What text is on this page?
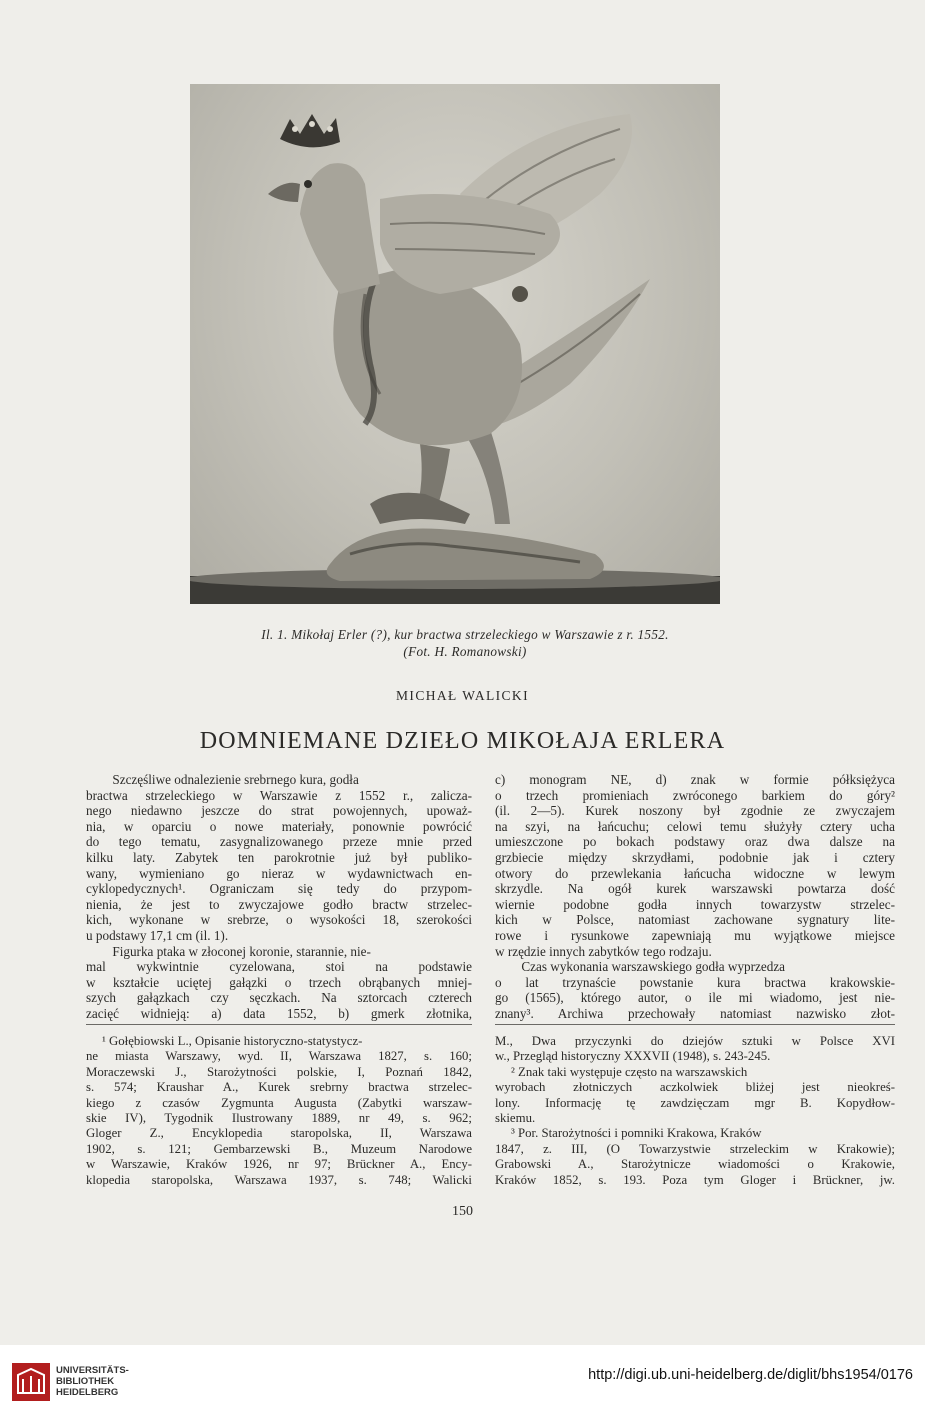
Il. 1. Mikołaj Erler (?), kur bractwa strzeleckiego w Warszawie z r. 1552.
(Fot. H. Romanowski)
MICHAŁ WALICKI
DOMNIEMANE DZIEŁO MIKOŁAJA ERLERA
Szczęśliwe odnalezienie srebrnego kura, godła
bractwa strzeleckiego w Warszawie z 1552 r., zalicza-
nego niedawno jeszcze do strat powojennych, upoważ-
nia, w oparciu o nowe materiały, ponownie powrócić
do tego tematu, zasygnalizowanego przeze mnie przed
kilku laty. Zabytek ten parokrotnie już był publiko-
wany, wymieniano go nieraz w wydawnictwach en-
cyklopedycznych¹. Ograniczam się tedy do przypom-
nienia, że jest to zwyczajowe godło bractw strzelec-
kich, wykonane w srebrze, o wysokości 18, szerokości
u podstawy 17,1 cm (il. 1).
Figurka ptaka w złoconej koronie, starannie, nie-
mal wykwintnie cyzelowana, stoi na podstawie
w kształcie uciętej gałązki o trzech obrąbanych mniej-
szych gałązkach czy sęczkach. Na sztorcach czterech
zacięć widnieją: a) data 1552, b) gmerk złotnika,
c) monogram NE, d) znak w formie półksiężyca
o trzech promieniach zwróconego barkiem do góry²
(il. 2—5). Kurek noszony był zgodnie ze zwyczajem
na szyi, na łańcuchu; celowi temu służyły cztery ucha
umieszczone po bokach podstawy oraz dwa dalsze na
grzbiecie między skrzydłami, podobnie jak i cztery
otwory do przewlekania łańcucha widoczne w lewym
skrzydle. Na ogół kurek warszawski powtarza dość
wiernie podobne godła innych towarzystw strzelec-
kich w Polsce, natomiast zachowane sygnatury lite-
rowe i rysunkowe zapewniają mu wyjątkowe miejsce
w rzędzie innych zabytków tego rodzaju.
Czas wykonania warszawskiego godła wyprzedza
o lat trzynaście powstanie kura bractwa krakowskie-
go (1565), którego autor, o ile mi wiadomo, jest nie-
znany³. Archiwa przechowały natomiast nazwisko złot-
¹ Gołębiowski L., Opisanie historyczno-statystycz-
ne miasta Warszawy, wyd. II, Warszawa 1827, s. 160;
Moraczewski J., Starożytności polskie, I, Poznań 1842,
s. 574; Kraushar A., Kurek srebrny bractwa strzelec-
kiego z czasów Zygmunta Augusta (Zabytki warszaw-
skie IV), Tygodnik Ilustrowany 1889, nr 49, s. 962;
Gloger Z., Encyklopedia staropolska, II, Warszawa
1902, s. 121; Gembarzewski B., Muzeum Narodowe
w Warszawie, Kraków 1926, nr 97; Brückner A., Ency-
klopedia staropolska, Warszawa 1937, s. 748; Walicki
M., Dwa przyczynki do dziejów sztuki w Polsce XVI
w., Przegląd historyczny XXXVII (1948), s. 243-245.
² Znak taki występuje często na warszawskich
wyrobach złotniczych aczkolwiek bliżej jest nieokreś-
lony. Informację tę zawdzięczam mgr B. Kopydłow-
skiemu.
³ Por. Starożytności i pomniki Krakowa, Kraków
1847, z. III, (O Towarzystwie strzeleckim w Krakowie);
Grabowski A., Starożytnicze wiadomości o Krakowie,
Kraków 1852, s. 193. Poza tym Gloger i Brückner, jw.
150
UNIVERSITÄTS-
BIBLIOTHEK
HEIDELBERG
http://digi.ub.uni-heidelberg.de/diglit/bhs1954/0176
